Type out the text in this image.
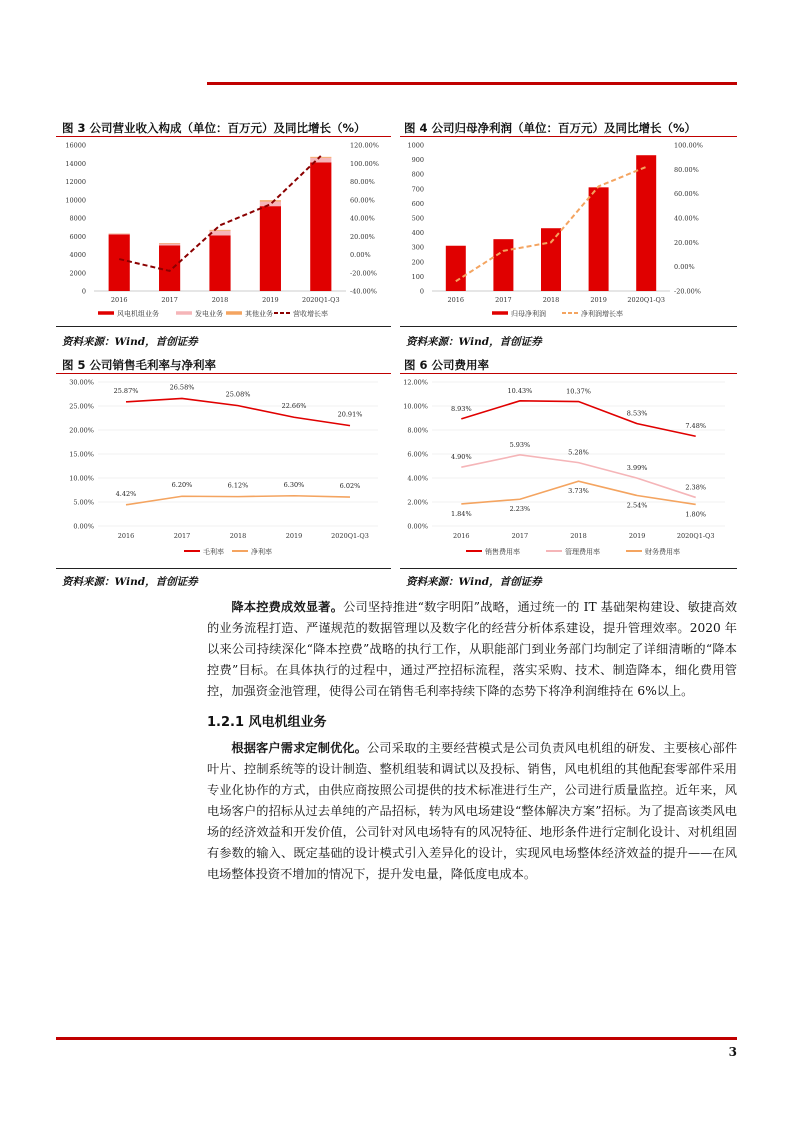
图 3 公司营业收入构成（单位：百万元）及同比增长（%）
16000
14000
12000
10000
8000
6000
4000
2000
0
120.00%
100.00%
80.00%
60.00%
40.00%
20.00%
0.00%
-20.00%
-40.00%
2016	2017	2018	2019	2020Q1-Q3
风电机组业务	发电业务	其他业务	营收增长率
资料来源：Wind，首创证券
图 4 公司归母净利润（单位：百万元）及同比增长（%）
1000
900
800
700
600
500
400
300
200
100
0
100.00%
80.00%
60.00%
40.00%
20.00%
0.00%
-20.00%
2016	2017	2018	2019	2020Q1-Q3
归母净利润	净利润增长率
资料来源：Wind，首创证券
图 5 公司销售毛利率与净利率
30.00%
25.00%
20.00%
15.00%
10.00%
5.00%
0.00%
2016	2017	2018	2019	2020Q1-Q3
25.87%	26.58%
25.08%
22.66%
20.91%
4.42%
6.20%	6.12%	6.30%	6.02%
毛利率	净利率
资料来源：Wind，首创证券
图 6 公司费用率
12.00%
10.00%
8.00%
6.00%
4.00%
2.00%
0.00%
2016	2017	2018	2019	2020Q1-Q3
8.93%
10.43%	10.37%
8.53%
7.48%
4.90%
5.93%
5.28%
3.99%
2.38%
1.84%
2.23%
3.73%
2.54%
1.80%
销售费用率	管理费用率	财务费用率
资料来源：Wind，首创证券

降本控费成效显著。公司坚持推进“数字明阳”战略，通过统一的 IT 基础架构建设、敏捷高效的业务流程打造、严谨规范的数据管理以及数字化的经营分析体系建设，提升管理效率。2020 年以来公司持续深化“降本控费”战略的执行工作，从职能部门到业务部门均制定了详细清晰的“降本控费”目标。在具体执行的过程中，通过严控招标流程，落实采购、技术、制造降本，细化费用管控，加强资金池管理，使得公司在销售毛利率持续下降的态势下将净利润维持在 6%以上。

1.2.1 风电机组业务

根据客户需求定制优化。公司采取的主要经营模式是公司负责风电机组的研发、主要核心部件叶片、控制系统等的设计制造、整机组装和调试以及投标、销售，风电机组的其他配套零部件采用专业化协作的方式，由供应商按照公司提供的技术标准进行生产，公司进行质量监控。近年来，风电场客户的招标从过去单纯的产品招标，转为风电场建设“整体解决方案”招标。为了提高该类风电场的经济效益和开发价值，公司针对风电场特有的风况特征、地形条件进行定制化设计、对机组固有参数的输入、既定基础的设计模式引入差异化的设计，实现风电场整体经济效益的提升——在风电场整体投资不增加的情况下，提升发电量，降低度电成本。

3
